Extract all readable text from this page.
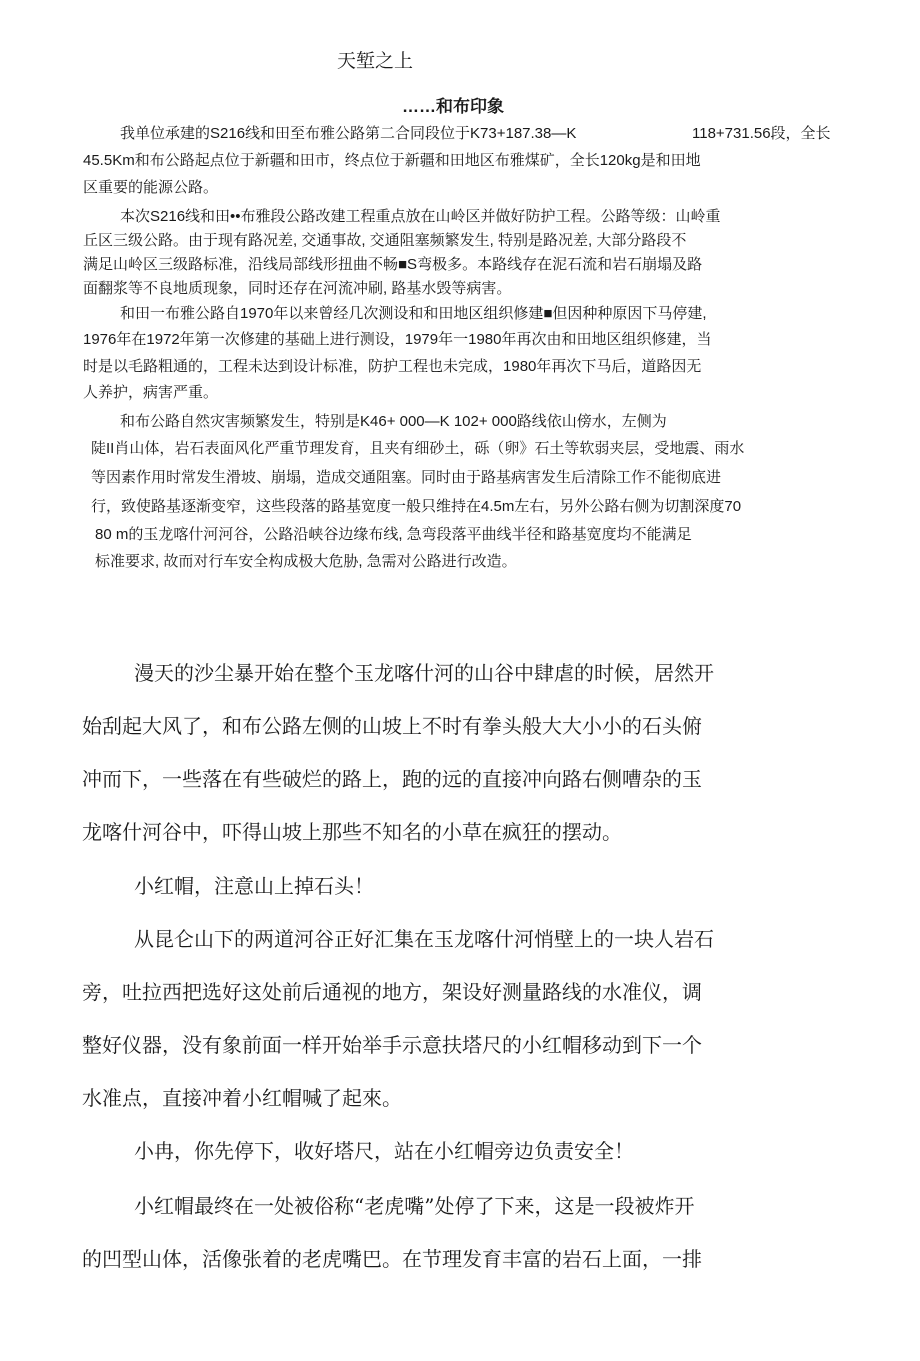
天堑之上
……和布印象

我单位承建的S216线和田至布雅公路第二合同段位于K73+187.38—K	118+731.56段，全长

45.5Km和布公路起点位于新疆和田市，终点位于新疆和田地区布雅煤矿，全长120kg是和田地

区重要的能源公路。

本次S216线和田••布雅段公路改建工程重点放在山岭区并做好防护工程。公路等级：山岭重

丘区三级公路。由于现有路况差, 交通事故, 交通阻塞频繁发生, 特别是路况差, 大部分路段不

满足山岭区三级路标准，沿线局部线形扭曲不畅■S弯极多。本路线存在泥石流和岩石崩塌及路

面翻浆等不良地质现象，同时还存在河流冲刷, 路基水毁等病害。

和田一布雅公路自1970年以来曾经几次测设和和田地区组织修建■但因种种原因下马停建,

1976年在1972年第一次修建的基础上进行测设，1979年一1980年再次由和田地区组织修建，当

时是以毛路粗通的，工程未达到设计标准，防护工程也未完成，1980年再次下马后，道路因无

人养护，病害严重。

和布公路自然灾害频繁发生，特别是K46+ 000—K 102+ 000路线依山傍水，左侧为

陡II肖山体，岩石表面风化严重节理发育，且夹有细砂土，砾（卵》石土等软弱夹层，受地震、雨水

等因素作用时常发生滑坡、崩塌，造成交通阻塞。同时由于路基病害发生后清除工作不能彻底进

行，致使路基逐渐变窄，这些段落的路基宽度一般只维持在4.5m左右，另外公路右侧为切割深度70

80 m的玉龙喀什河河谷，公路沿峡谷边缘布线, 急弯段落平曲线半径和路基宽度均不能满足

标准要求, 故而对行车安全构成极大危胁, 急需对公路进行改造。

漫天的沙尘暴开始在整个玉龙喀什河的山谷中肆虐的时候，居然开

始刮起大风了，和布公路左侧的山坡上不时有拳头般大大小小的石头俯

冲而下，一些落在有些破烂的路上，跑的远的直接冲向路右侧嘈杂的玉

龙喀什河谷中，吓得山坡上那些不知名的小草在疯狂的摆动。

小红帽，注意山上掉石头！

从昆仑山下的两道河谷正好汇集在玉龙喀什河悄壁上的一块人岩石

旁，吐拉西把选好这处前后通视的地方，架设好测量路线的水准仪，调

整好仪器，没有象前面一样开始举手示意扶塔尺的小红帽移动到下一个

水准点，直接冲着小红帽喊了起來。

小冉，你先停下，收好塔尺，站在小红帽旁边负责安全！

小红帽最终在一处被俗称“老虎嘴”处停了下来，这是一段被炸开

的凹型山体，活像张着的老虎嘴巴。在节理发育丰富的岩石上面，一排
